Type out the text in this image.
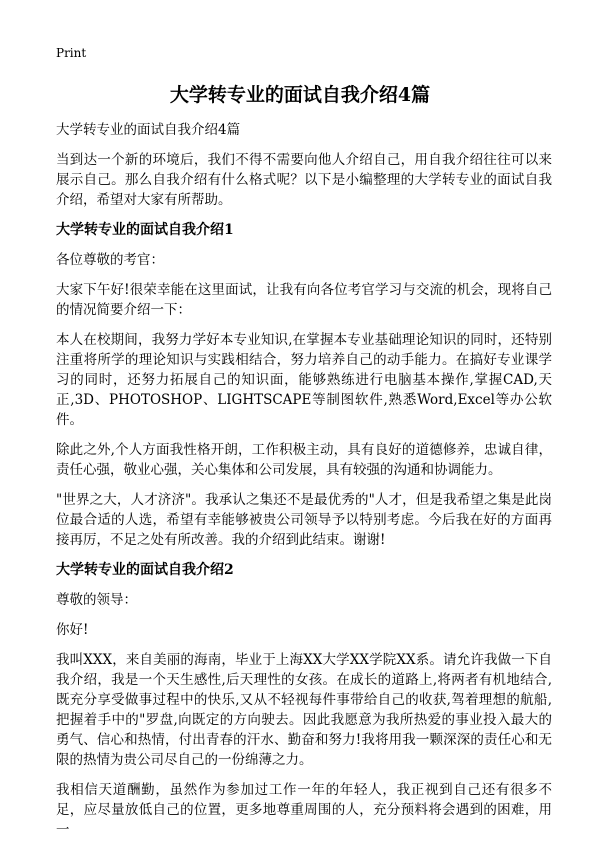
Print
大学转专业的面试自我介绍4篇

大学转专业的面试自我介绍4篇

当到达一个新的环境后，我们不得不需要向他人介绍自己，用自我介绍往往可以来展示自己。那么自我介绍有什么格式呢？以下是小编整理的大学转专业的面试自我介绍，希望对大家有所帮助。

大学转专业的面试自我介绍1

各位尊敬的考官：

大家下午好!很荣幸能在这里面试，让我有向各位考官学习与交流的机会，现将自己的情况简要介绍一下：

本人在校期间，我努力学好本专业知识,在掌握本专业基础理论知识的同时，还特别注重将所学的理论知识与实践相结合，努力培养自己的动手能力。在搞好专业课学习的同时，还努力拓展自己的知识面，能够熟练进行电脑基本操作,掌握CAD,天正,3D、PHOTOSHOP、LIGHTSCAPE等制图软件,熟悉Word,Excel等办公软件。

除此之外,个人方面我性格开朗，工作积极主动，具有良好的道德修养，忠诚自律，责任心强，敬业心强，关心集体和公司发展，具有较强的沟通和协调能力。

"世界之大，人才济济"。我承认之集还不是最优秀的"人才，但是我希望之集是此岗位最合适的人选，希望有幸能够被贵公司领导予以特别考虑。今后我在好的方面再接再厉，不足之处有所改善。我的介绍到此结束。谢谢!

大学转专业的面试自我介绍2

尊敬的领导：

你好!

我叫XXX，来自美丽的海南，毕业于上海XX大学XX学院XX系。请允许我做一下自我介绍，我是一个天生感性,后天理性的女孩。在成长的道路上,将两者有机地结合,既充分享受做事过程中的快乐,又从不轻视每件事带给自己的收获,驾着理想的航船,把握着手中的"罗盘,向既定的方向驶去。因此我愿意为我所热爱的事业投入最大的勇气、信心和热情，付出青春的汗水、勤奋和努力!我将用我一颗深深的责任心和无限的热情为贵公司尽自己的一份绵薄之力。

我相信天道酬勤，虽然作为参加过工作一年的年轻人，我正视到自己还有很多不足，应尽量放低自己的位置，更多地尊重周围的人，充分预料将会遇到的困难，用一
